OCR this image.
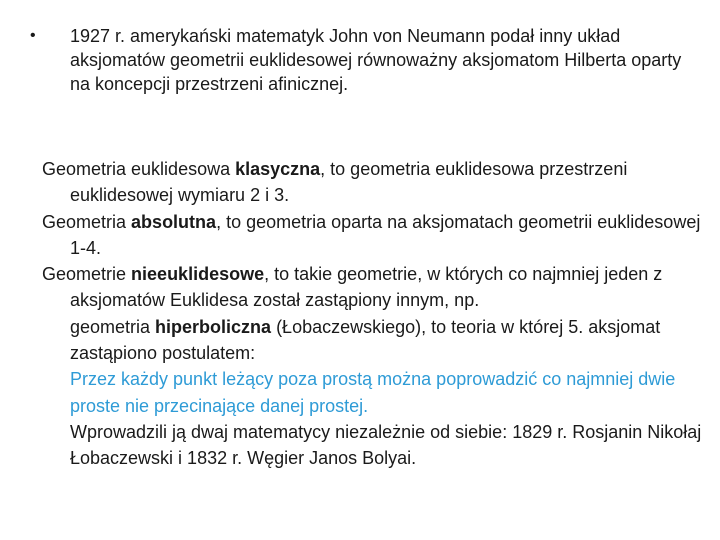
•	1927 r. amerykański matematyk John von Neumann podał inny układ aksjomatów geometrii euklidesowej równoważny aksjomatom Hilberta oparty na koncepcji przestrzeni afinicznej.

Geometria euklidesowa klasyczna, to geometria euklidesowa przestrzeni euklidesowej wymiaru 2 i 3.

Geometria absolutna, to geometria oparta na aksjomatach geometrii euklidesowej 1-4.

Geometrie nieeuklidesowe, to takie geometrie, w których co najmniej jeden z aksjomatów Euklidesa został zastąpiony innym, np.

geometria hiperboliczna (Łobaczewskiego), to teoria w której 5. aksjomat zastąpiono postulatem:

Przez każdy punkt leżący poza prostą można poprowadzić co najmniej dwie proste nie przecinające danej prostej.

Wprowadzili ją dwaj matematycy niezależnie od siebie: 1829 r. Rosjanin Nikołaj Łobaczewski i 1832 r. Węgier Janos Bolyai.
